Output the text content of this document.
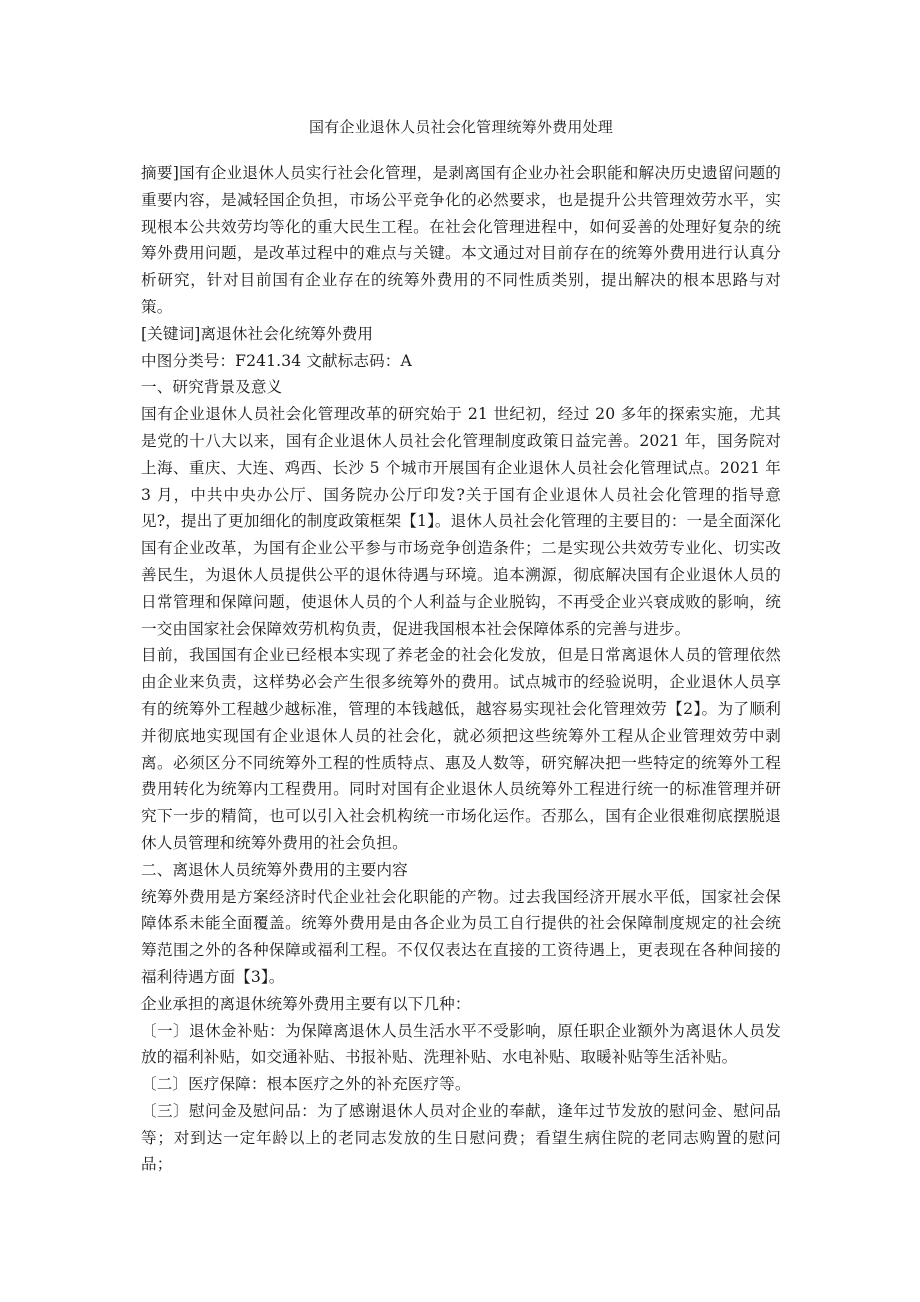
国有企业退休人员社会化管理统筹外费用处理

摘要]国有企业退休人员实行社会化管理，是剥离国有企业办社会职能和解决历史遗留问题的重要内容，是减轻国企负担，市场公平竞争化的必然要求，也是提升公共管理效劳水平，实现根本公共效劳均等化的重大民生工程。在社会化管理进程中，如何妥善的处理好复杂的统筹外费用问题，是改革过程中的难点与关键。本文通过对目前存在的统筹外费用进行认真分析研究，针对目前国有企业存在的统筹外费用的不同性质类别，提出解决的根本思路与对策。

[关键词]离退休社会化统筹外费用

中图分类号：F241.34 文献标志码：A

一、研究背景及意义

国有企业退休人员社会化管理改革的研究始于 21 世纪初，经过 20 多年的探索实施，尤其是党的十八大以来，国有企业退休人员社会化管理制度政策日益完善。2021 年，国务院对上海、重庆、大连、鸡西、长沙 5 个城市开展国有企业退休人员社会化管理试点。2021 年 3 月，中共中央办公厅、国务院办公厅印发?关于国有企业退休人员社会化管理的指导意见?，提出了更加细化的制度政策框架【1】。退休人员社会化管理的主要目的：一是全面深化国有企业改革，为国有企业公平参与市场竞争创造条件；二是实现公共效劳专业化、切实改善民生，为退休人员提供公平的退休待遇与环境。追本溯源，彻底解决国有企业退休人员的日常管理和保障问题，使退休人员的个人利益与企业脱钩，不再受企业兴衰成败的影响，统一交由国家社会保障效劳机构负责，促进我国根本社会保障体系的完善与进步。

目前，我国国有企业已经根本实现了养老金的社会化发放，但是日常离退休人员的管理依然由企业来负责，这样势必会产生很多统筹外的费用。试点城市的经验说明，企业退休人员享有的统筹外工程越少越标准，管理的本钱越低，越容易实现社会化管理效劳【2】。为了顺利并彻底地实现国有企业退休人员的社会化，就必须把这些统筹外工程从企业管理效劳中剥离。必须区分不同统筹外工程的性质特点、惠及人数等，研究解决把一些特定的统筹外工程费用转化为统筹内工程费用。同时对国有企业退休人员统筹外工程进行统一的标准管理并研究下一步的精简，也可以引入社会机构统一市场化运作。否那么，国有企业很难彻底摆脱退休人员管理和统筹外费用的社会负担。

二、离退休人员统筹外费用的主要内容

统筹外费用是方案经济时代企业社会化职能的产物。过去我国经济开展水平低，国家社会保障体系未能全面覆盖。统筹外费用是由各企业为员工自行提供的社会保障制度规定的社会统筹范围之外的各种保障或福利工程。不仅仅表达在直接的工资待遇上，更表现在各种间接的福利待遇方面【3】。

企业承担的离退休统筹外费用主要有以下几种：

〔一〕退休金补贴：为保障离退休人员生活水平不受影响，原任职企业额外为离退休人员发放的福利补贴，如交通补贴、书报补贴、洗理补贴、水电补贴、取暖补贴等生活补贴。

〔二〕医疗保障：根本医疗之外的补充医疗等。

〔三〕慰问金及慰问品：为了感谢退休人员对企业的奉献，逢年过节发放的慰问金、慰问品等；对到达一定年龄以上的老同志发放的生日慰问费；看望生病住院的老同志购置的慰问品；
